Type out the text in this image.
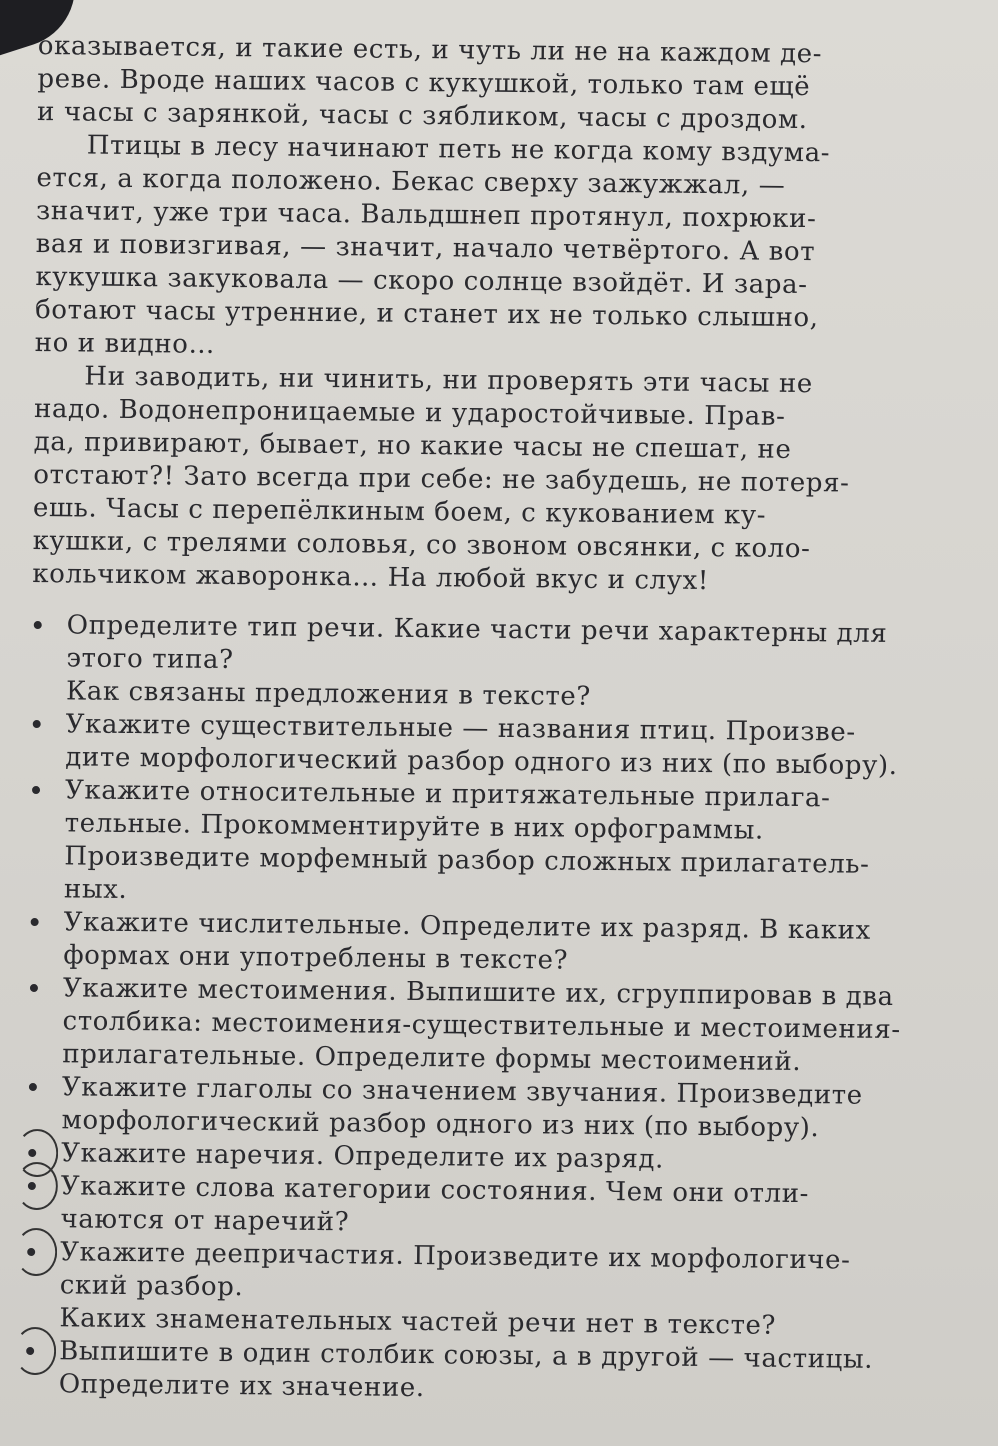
оказывается, и такие есть, и чуть ли не на каждом де-
реве. Вроде наших часов с кукушкой, только там ещё
и часы с зарянкой, часы с зябликом, часы с дроздом.
Птицы в лесу начинают петь не когда кому вздума-
ется, а когда положено. Бекас сверху зажужжал, —
значит, уже три часа. Вальдшнеп протянул, похрюки-
вая и повизгивая, — значит, начало четвёртого. А вот
кукушка закуковала — скоро солнце взойдёт. И зара-
ботают часы утренние, и станет их не только слышно,
но и видно…
Ни заводить, ни чинить, ни проверять эти часы не
надо. Водонепроницаемые и ударостойчивые. Прав-
да, привирают, бывает, но какие часы не спешат, не
отстают?! Зато всегда при себе: не забудешь, не потеря-
ешь. Часы с перепёлкиным боем, с кукованием ку-
кушки, с трелями соловья, со звоном овсянки, с коло-
кольчиком жаворонка… На любой вкус и слух!
Определите тип речи. Какие части речи характерны для
этого типа?
Как связаны предложения в тексте?
Укажите существительные — названия птиц. Произве-
дите морфологический разбор одного из них (по выбору).
Укажите относительные и притяжательные прилага-
тельные. Прокомментируйте в них орфограммы.
Произведите морфемный разбор сложных прилагатель-
ных.
Укажите числительные. Определите их разряд. В каких
формах они употреблены в тексте?
Укажите местоимения. Выпишите их, сгруппировав в два
столбика: местоимения-существительные и местоимения-
прилагательные. Определите формы местоимений.
Укажите глаголы со значением звучания. Произведите
морфологический разбор одного из них (по выбору).
Укажите наречия. Определите их разряд.
Укажите слова категории состояния. Чем они отли-
чаются от наречий?
Укажите деепричастия. Произведите их морфологиче-
ский разбор.
Каких знаменательных частей речи нет в тексте?
Выпишите в один столбик союзы, а в другой — частицы.
Определите их значение.
